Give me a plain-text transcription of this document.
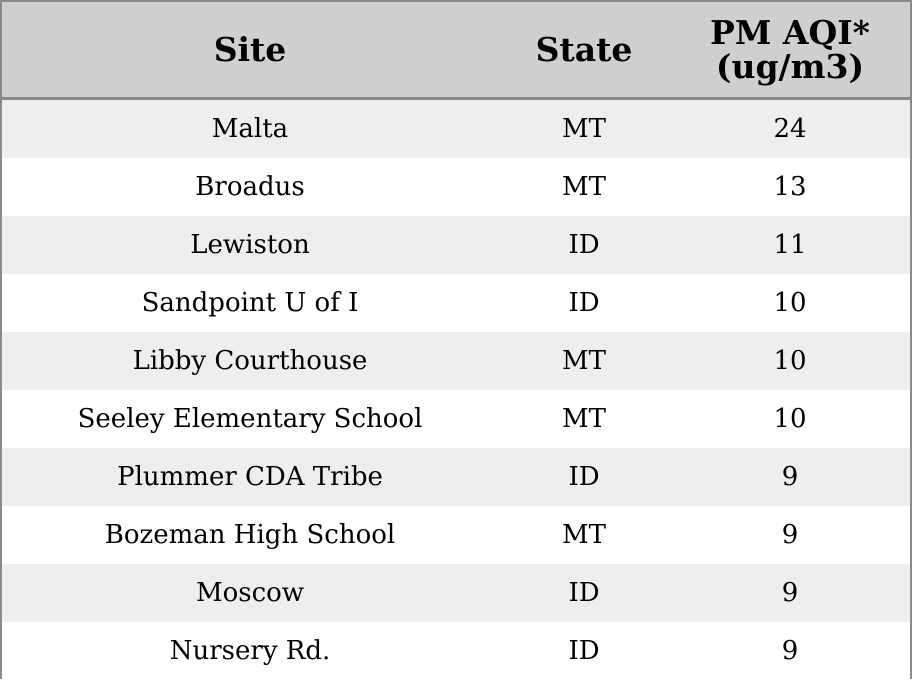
Site	State	PM AQI*
(ug/m3)
Malta	MT	24
Broadus	MT	13
Lewiston	ID	11
Sandpoint U of I	ID	10
Libby Courthouse	MT	10
Seeley Elementary School	MT	10
Plummer CDA Tribe	ID	9
Bozeman High School	MT	9
Moscow	ID	9
Nursery Rd.	ID	9
